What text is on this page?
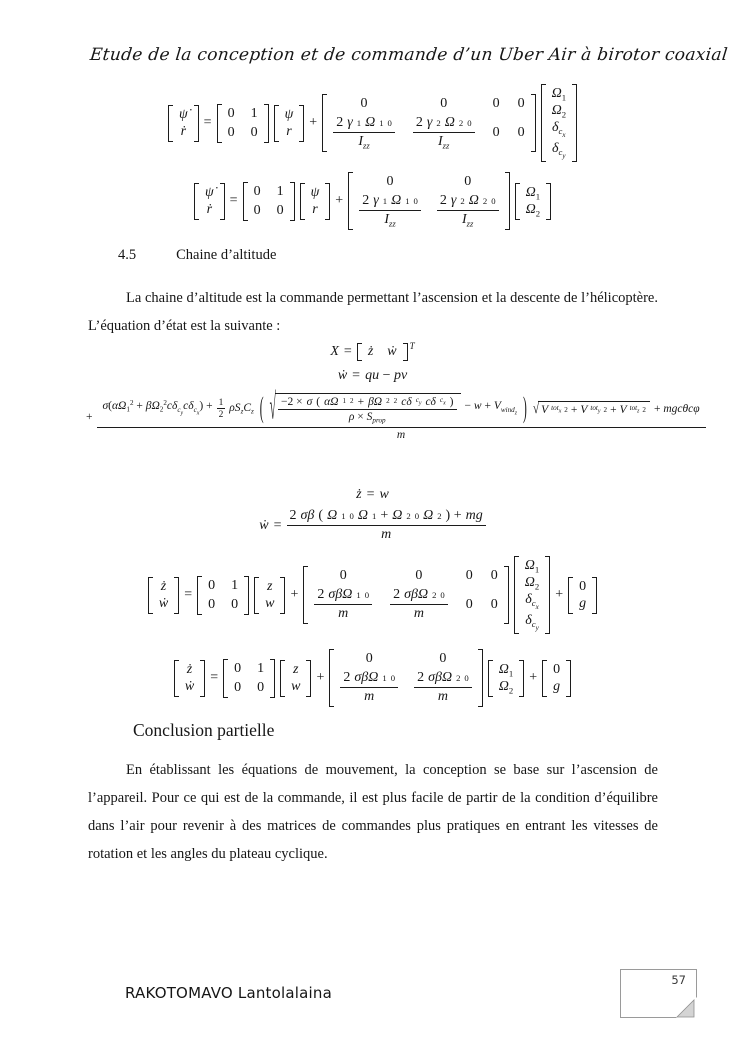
Etude de la conception et de commande d’un Uber Air à birotor coaxial
ψ̇
ṙ
=
0 1
0 0
ψ
r
+
0	0	0 0
$\frac{2 \gamma 1 \Omega 1 0}{I_{zz}} \frac{2 \gamma 2 \Omega 2 0}{I_{zz}} 0$ 0
$\Omega_1$
$\Omega_2$
$\delta_{c_x}$
$\delta_{c_y}$
ψ̇
ṙ
=
0 1
0 0
ψ
r
+
0	0
$\frac{2 \gamma 1 \Omega 1 0}{I_{zz}} \frac{2 \gamma 2 \Omega 2 0}{I_{zz}}$
$\Omega_1$
$\Omega_2$
4.5	Chaine d’altitude
La chaine d’altitude est la commande permettant l’ascension et la descente de l’hélicoptère. L’équation d’état est la suivante :
X = ż ẇ T
ẇ = qu − pv
+
$\sigma(\alpha\Omega_1^2 + \beta\Omega_2^2c\delta_{c_y}c\delta_{c_x}) + \frac{1}{2} \rho S_zC_z$ ( √ $\frac{-2 \times \sigma ( \alpha\Omega 1 2 + \beta\Omega 2 2 c\delta c_y c\delta c_x )}{\rho \times S_{prop}} - w + V_{wind_z}$ ) √ V tot$_x$ 2 + V tot$_y$ 2 + V tot$_z$ 2 + mgcθcφ
m
ż = w
ẇ = $\frac{2 \sigma\beta ( \Omega 1 0 \Omega 1 + \Omega 2 0 \Omega 2 ) + mg}{m}$
ż
ẇ
=
0 1
0 0
z
w
+
0	0	0 0
$\frac{\text{2 σβΩ 1 0}}{m} \frac{\text{2 σβΩ 2 0}}{m} 0$ 0
$\Omega_1$
$\Omega_2$
$\delta_{c_x}$
$\delta_{c_y}$
+
0
g
ż
ẇ
=
0 1
0 0
z
w
+
0	0
$\frac{\text{2 σβΩ 1 0}}{m} \frac{\text{2 σβΩ 2 0}}{m}$
$\Omega_1$
$\Omega_2$
+
0
g
Conclusion partielle
En établissant les équations de mouvement, la conception se base sur l’ascension de l’appareil. Pour ce qui est de la commande, il est plus facile de partir de la condition d’équilibre dans l’air pour revenir à des matrices de commandes plus pratiques en entrant les vitesses de rotation et les angles du plateau cyclique.
RAKOTOMAVO Lantolalaina
57
